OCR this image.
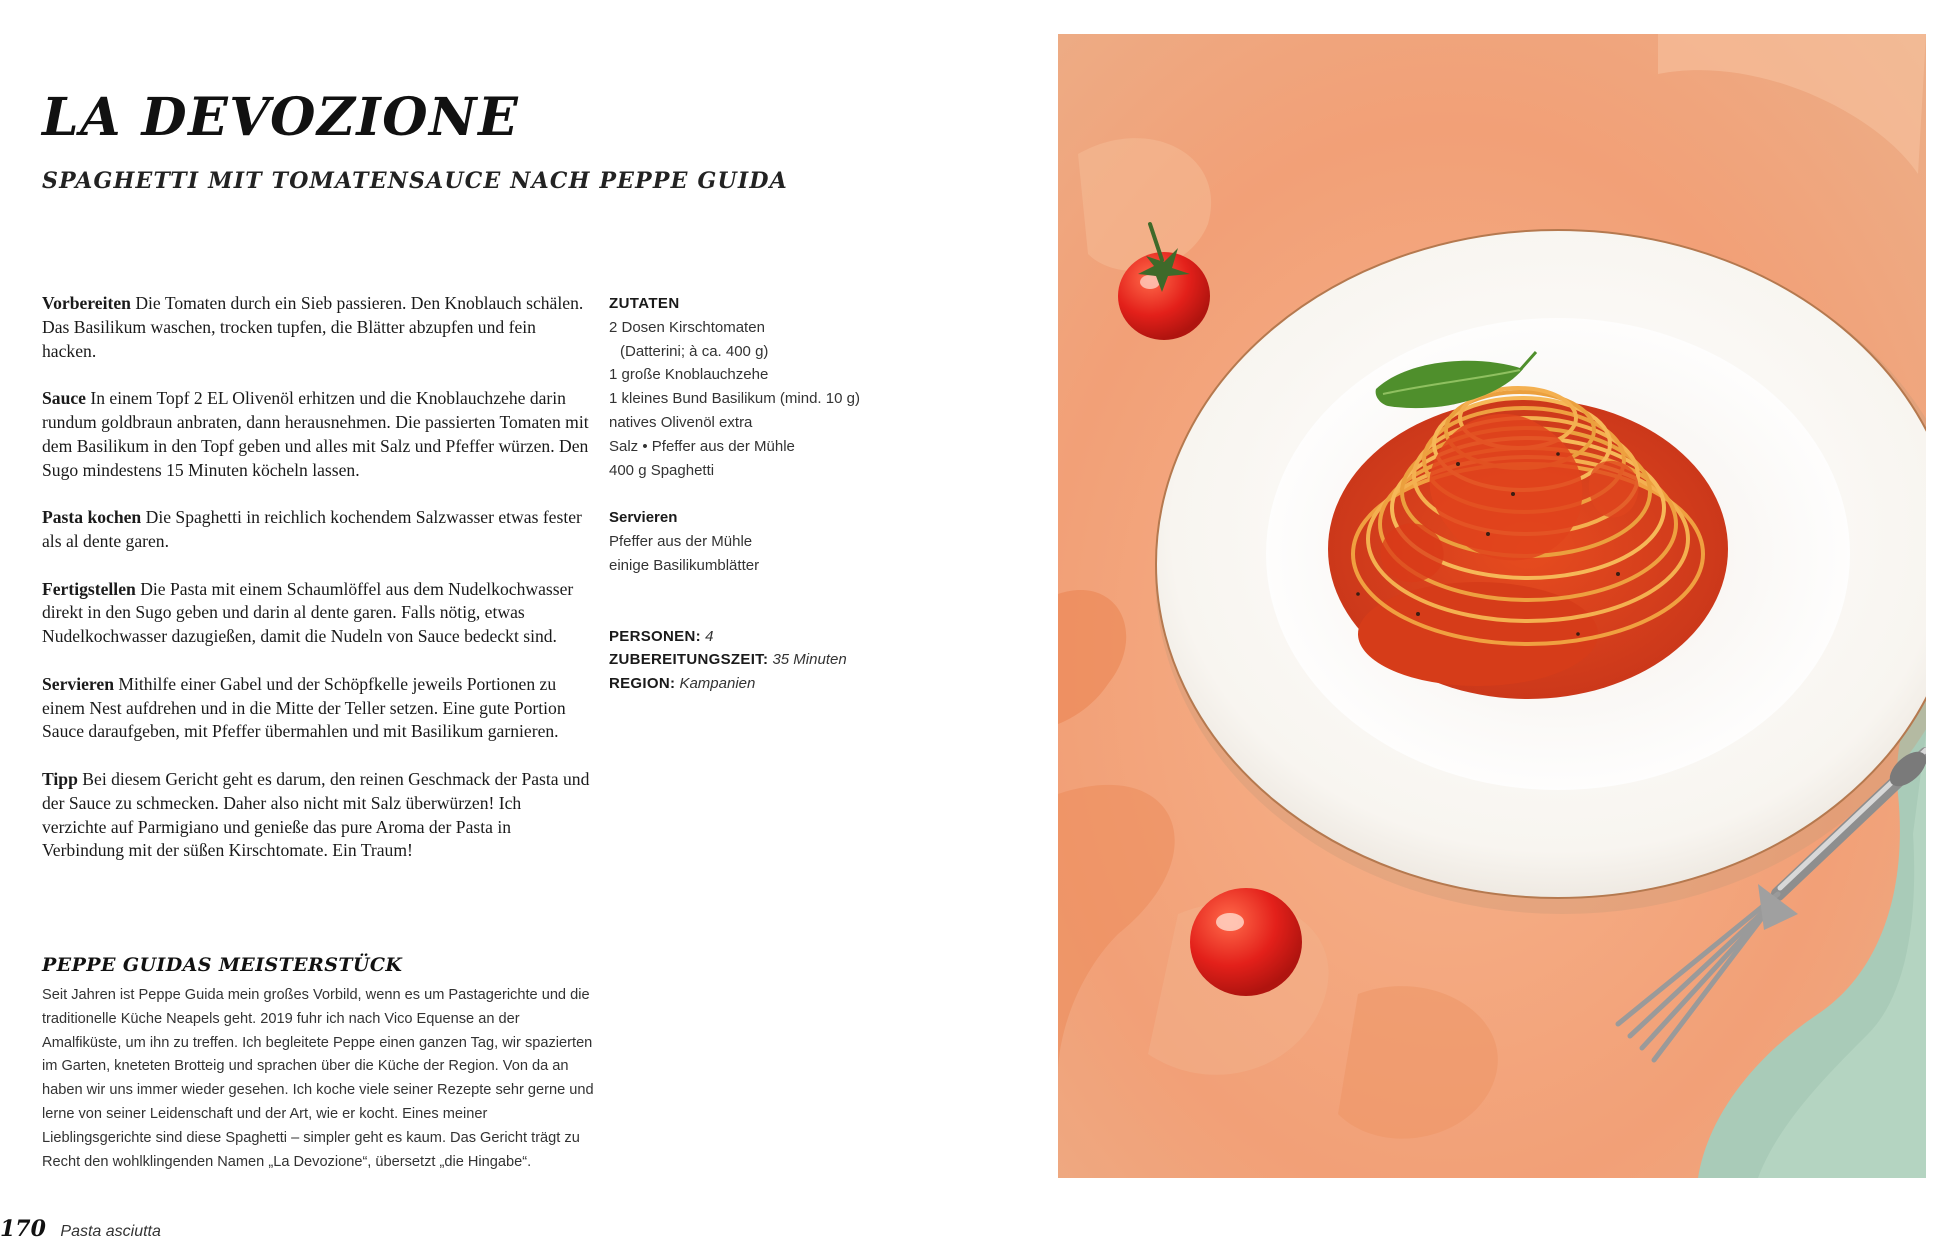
LA DEVOZIONE
SPAGHETTI MIT TOMATENSAUCE NACH PEPPE GUIDA

Vorbereiten Die Tomaten durch ein Sieb passieren. Den Knoblauch schälen. Das Basilikum waschen, trocken tupfen, die Blätter abzupfen und fein hacken.

Sauce In einem Topf 2 EL Olivenöl erhitzen und die Knoblauchzehe darin rundum goldbraun anbraten, dann herausnehmen. Die passierten Tomaten mit dem Basilikum in den Topf geben und alles mit Salz und Pfeffer würzen. Den Sugo mindestens 15 Minuten köcheln lassen.

Pasta kochen Die Spaghetti in reichlich kochendem Salzwasser etwas fester als al dente garen.

Fertigstellen Die Pasta mit einem Schaumlöffel aus dem Nudelkochwasser direkt in den Sugo geben und darin al dente garen. Falls nötig, etwas Nudelkochwasser dazugießen, damit die Nudeln von Sauce bedeckt sind.

Servieren Mithilfe einer Gabel und der Schöpfkelle jeweils Portionen zu einem Nest aufdrehen und in die Mitte der Teller setzen. Eine gute Portion Sauce daraufgeben, mit Pfeffer übermahlen und mit Basilikum garnieren.

Tipp Bei diesem Gericht geht es darum, den reinen Geschmack der Pasta und der Sauce zu schmecken. Daher also nicht mit Salz überwürzen! Ich verzichte auf Parmigiano und genieße das pure Aroma der Pasta in Verbindung mit der süßen Kirschtomate. Ein Traum!

ZUTATEN
2 Dosen Kirschtomaten
(Datterini; à ca. 400 g)
1 große Knoblauchzehe
1 kleines Bund Basilikum (mind. 10 g)
natives Olivenöl extra
Salz • Pfeffer aus der Mühle
400 g Spaghetti
Servieren
Pfeffer aus der Mühle
einige Basilikumblätter
PERSONEN: 4
ZUBEREITUNGSZEIT: 35 Minuten
REGION: Kampanien
PEPPE GUIDAS MEISTERSTÜCK

Seit Jahren ist Peppe Guida mein großes Vorbild, wenn es um Pastagerichte und die traditionelle Küche Neapels geht. 2019 fuhr ich nach Vico Equense an der Amalfiküste, um ihn zu treffen. Ich begleitete Peppe einen ganzen Tag, wir spazierten im Garten, kneteten Brotteig und sprachen über die Küche der Region. Von da an haben wir uns immer wieder gesehen. Ich koche viele seiner Rezepte sehr gerne und lerne von seiner Leidenschaft und der Art, wie er kocht. Eines meiner Lieblingsgerichte sind diese Spaghetti – simpler geht es kaum. Das Gericht trägt zu Recht den wohlklingenden Namen „La Devozione“, übersetzt „die Hingabe“.

170 Pasta asciutta
